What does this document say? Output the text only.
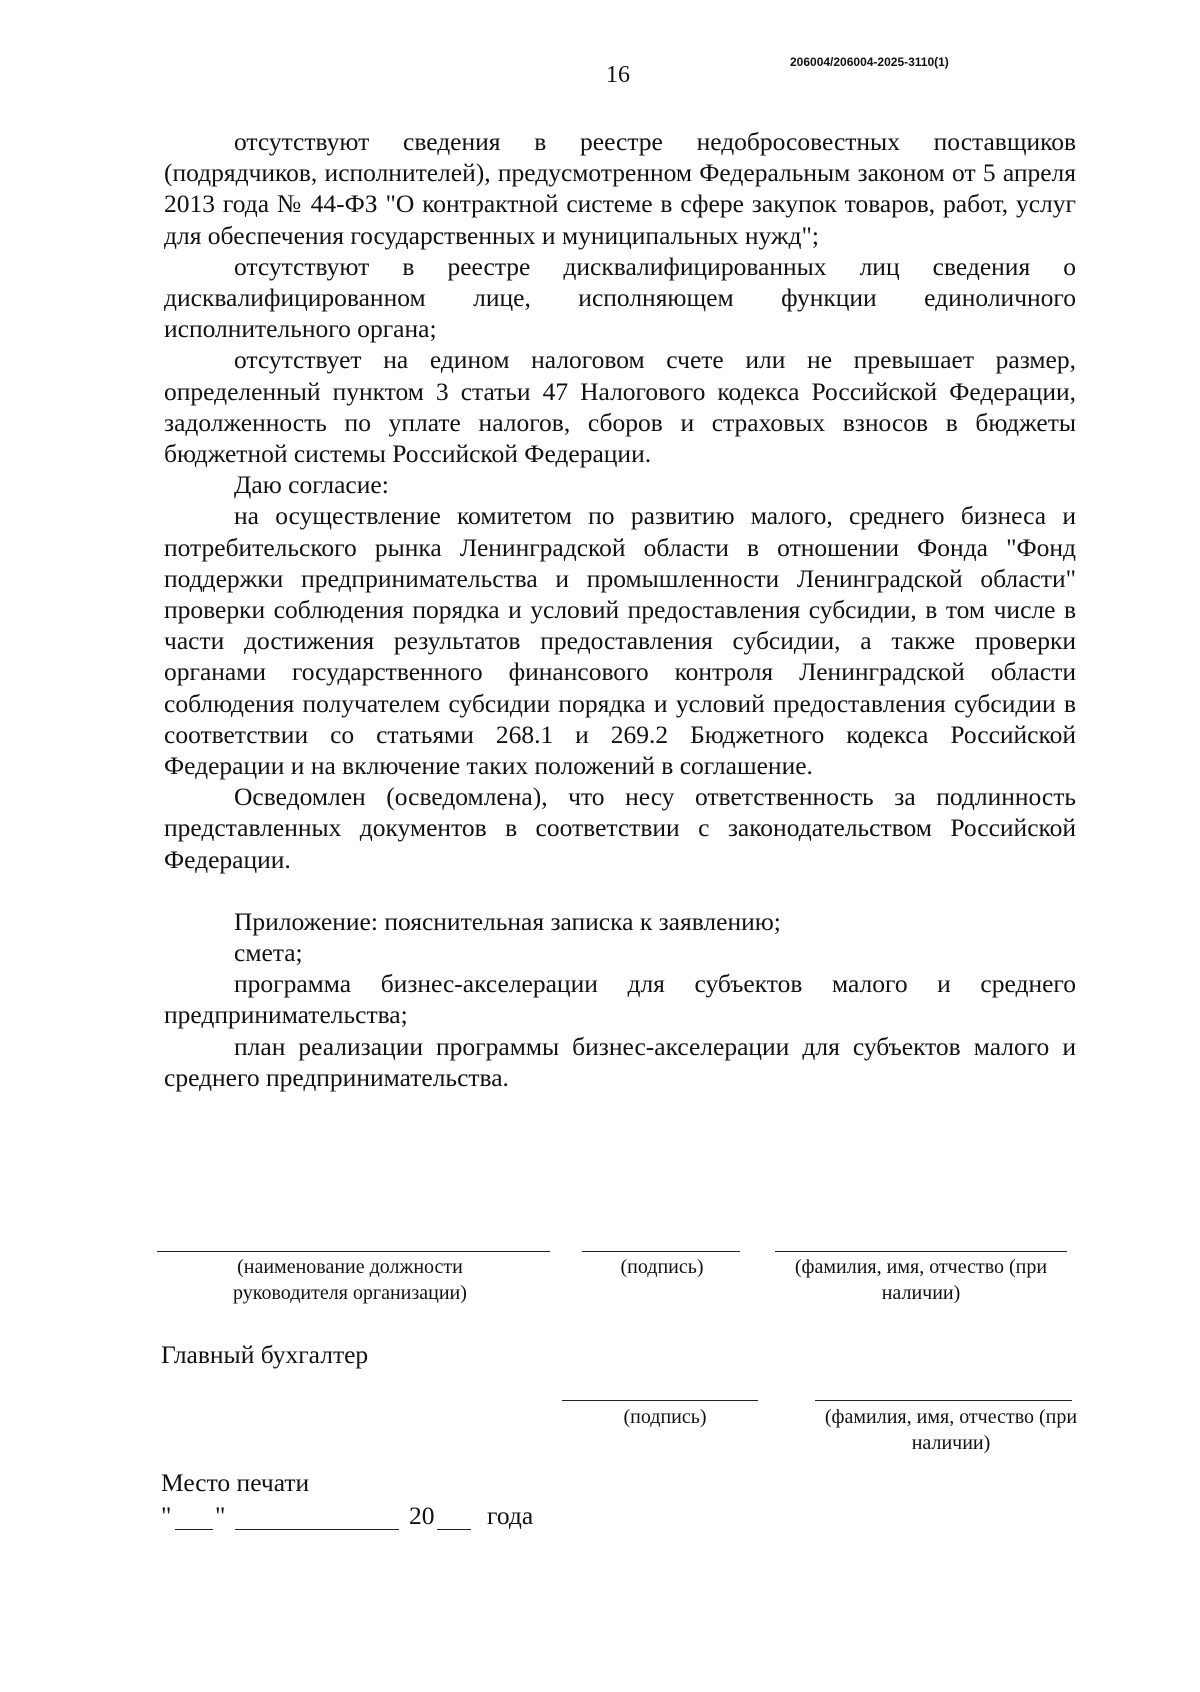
16	206004/206004-2025-3110(1)

отсутствуют сведения в реестре недобросовестных поставщиков (подрядчиков, исполнителей), предусмотренном Федеральным законом от 5 апреля 2013 года № 44-ФЗ "О контрактной системе в сфере закупок товаров, работ, услуг для обеспечения государственных и муниципальных нужд";

отсутствуют в реестре дисквалифицированных лиц сведения о дисквалифицированном лице, исполняющем функции единоличного исполнительного органа;

отсутствует на едином налоговом счете или не превышает размер, определенный пунктом 3 статьи 47 Налогового кодекса Российской Федерации, задолженность по уплате налогов, сборов и страховых взносов в бюджеты бюджетной системы Российской Федерации.

Даю согласие:

на осуществление комитетом по развитию малого, среднего бизнеса и потребительского рынка Ленинградской области в отношении Фонда "Фонд поддержки предпринимательства и промышленности Ленинградской области" проверки соблюдения порядка и условий предоставления субсидии, в том числе в части достижения результатов предоставления субсидии, а также проверки органами государственного финансового контроля Ленинградской области соблюдения получателем субсидии порядка и условий предоставления субсидии в соответствии со статьями 268.1 и 269.2 Бюджетного кодекса Российской Федерации и на включение таких положений в соглашение.

Осведомлен (осведомлена), что несу ответственность за подлинность представленных документов в соответствии с законодательством Российской Федерации.

Приложение: пояснительная записка к заявлению;

смета;

программа бизнес-акселерации для субъектов малого и среднего предпринимательства;

план реализации программы бизнес-акселерации для субъектов малого и среднего предпринимательства.

(наименование должности руководителя организации)
(подпись)	(фамилия, имя, отчество (при наличии)
Главный бухгалтер
(подпись)	(фамилия, имя, отчество (при наличии)
Место печати
" "	20 года
